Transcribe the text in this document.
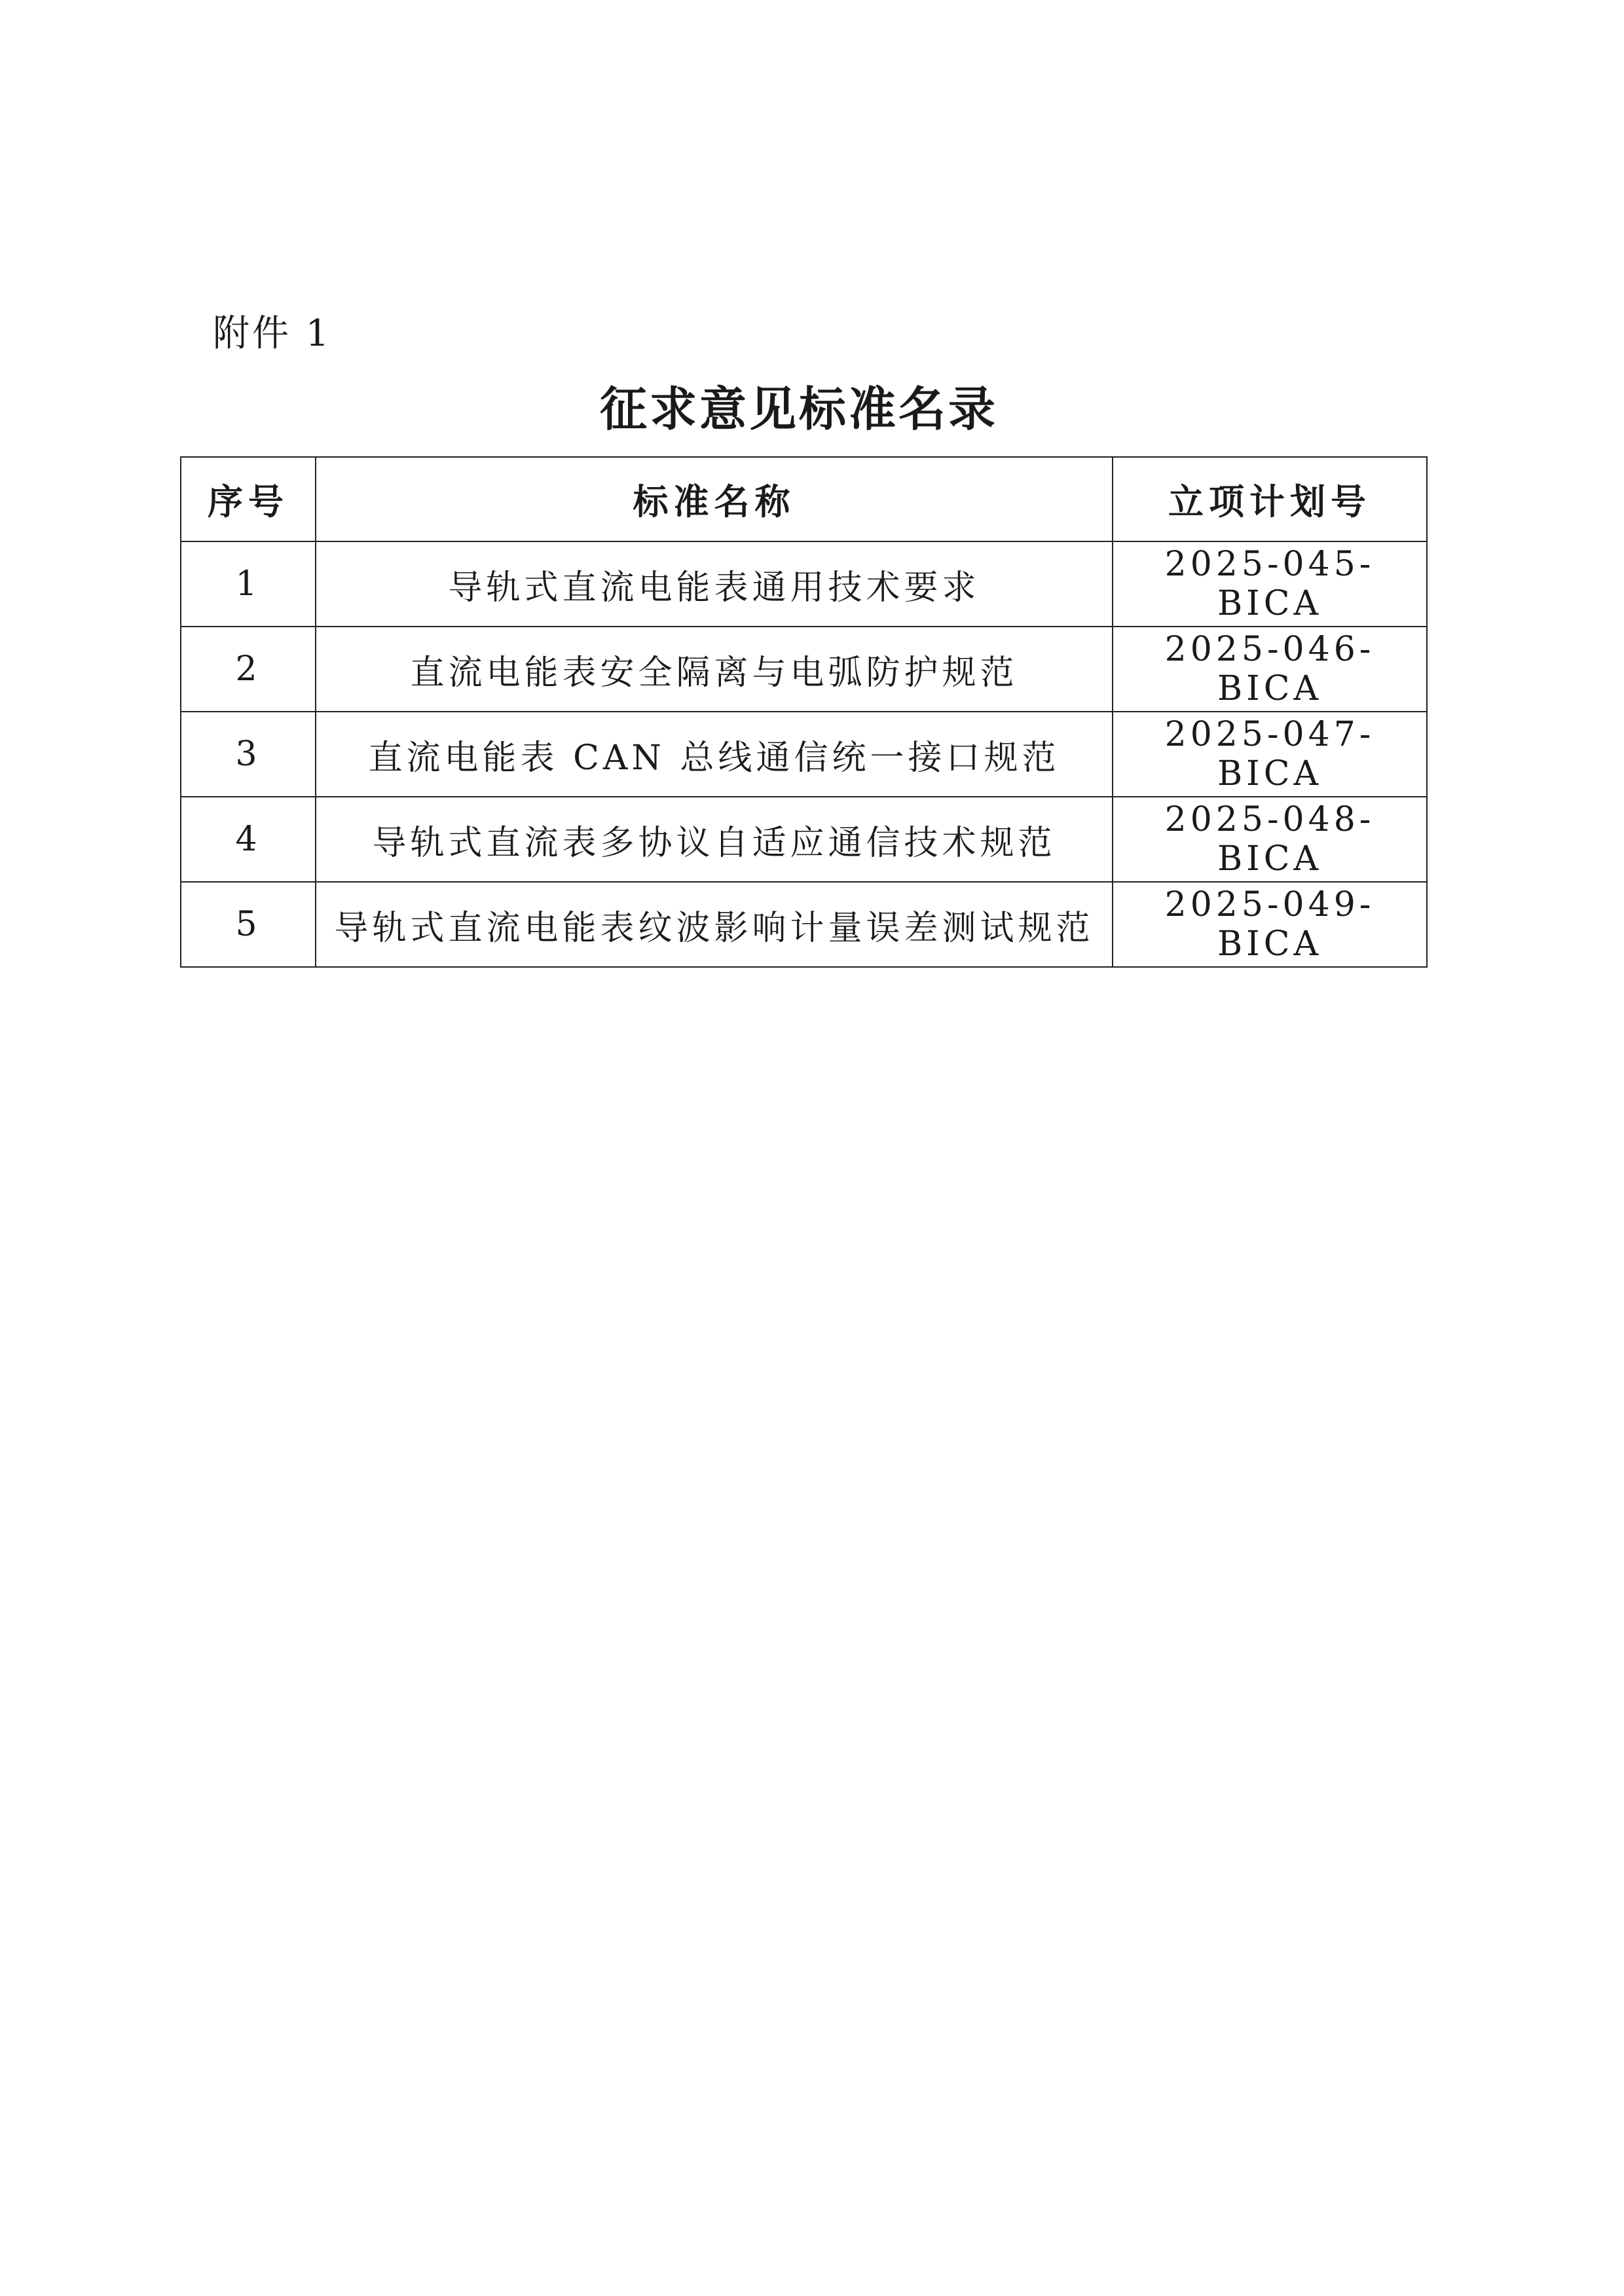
附件 1
征求意见标准名录
序号	标准名称	立项计划号
1	导轨式直流电能表通用技术要求	2025-045-BICA
2	直流电能表安全隔离与电弧防护规范	2025-046-BICA
3	直流电能表 CAN 总线通信统一接口规范	2025-047-BICA
4	导轨式直流表多协议自适应通信技术规范	2025-048-BICA
5	导轨式直流电能表纹波影响计量误差测试规范	2025-049-BICA
